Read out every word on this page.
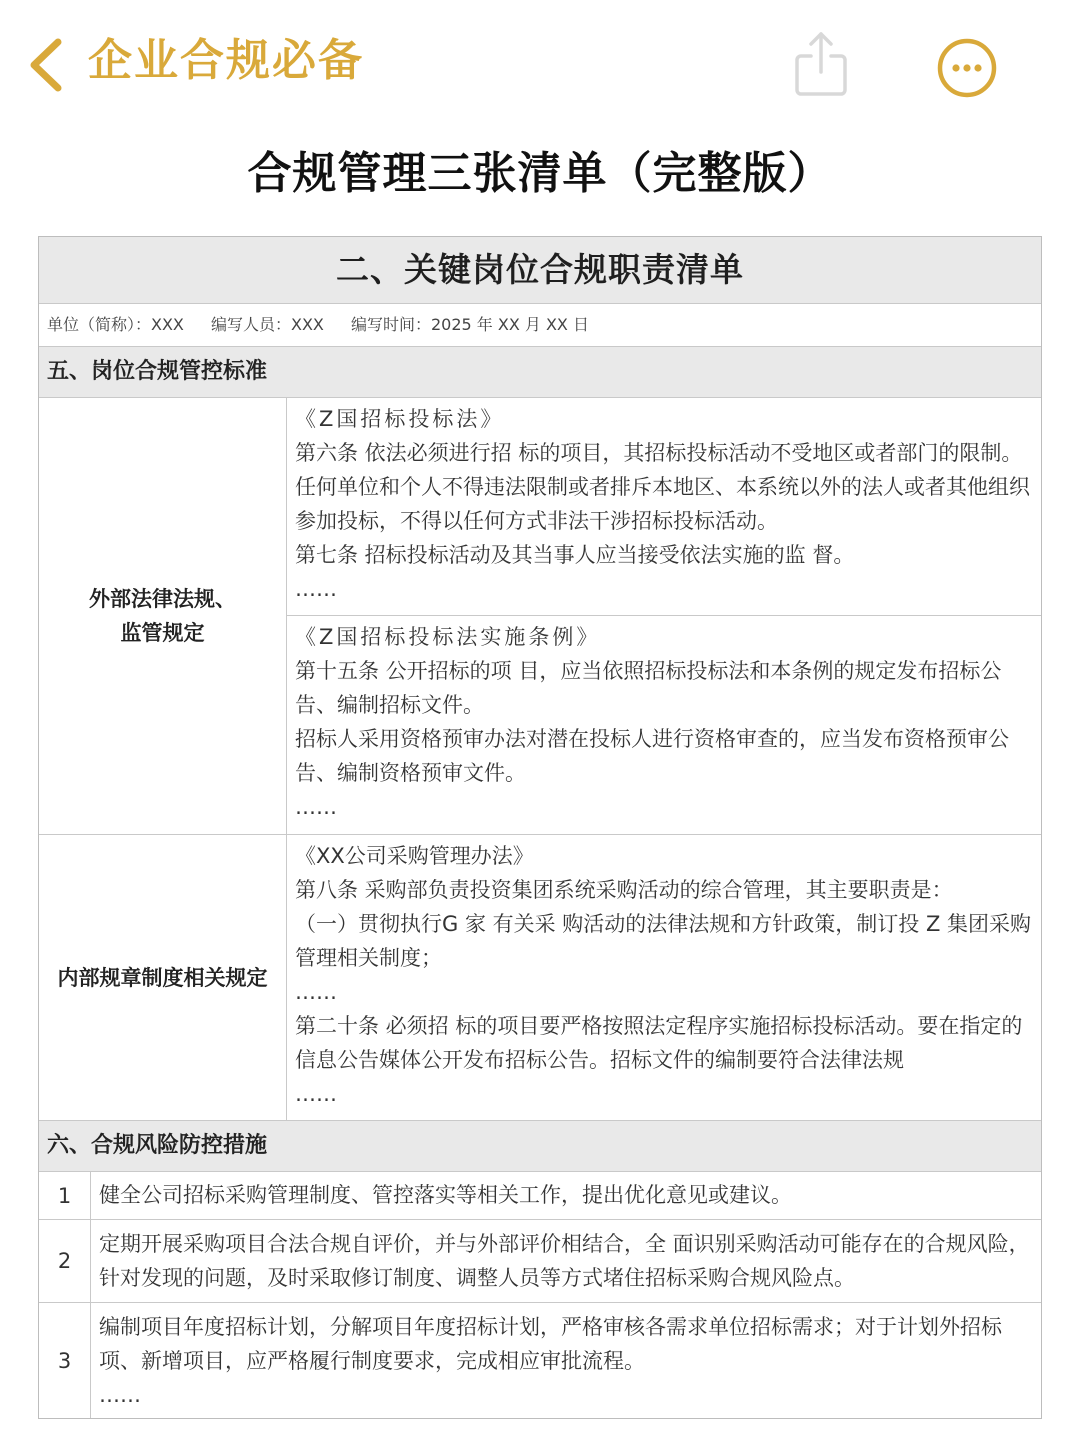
企业合规必备
合规管理三张清单（完整版）
二、关键岗位合规职责清单
单位（简称）：XXX 编写人员：XXX 编写时间：2025 年 XX 月 XX 日
五、岗位合规管控标准
外部法律法规、
监管规定

《Z国招标投标法》

第六条 依法必须进行招 标的项目，其招标投标活动不受地区或者部门的限制。任何单位和个人不得违法限制或者排斥本地区、本系统以外的法人或者其他组织参加投标，不得以任何方式非法干涉招标投标活动。

第七条 招标投标活动及其当事人应当接受依法实施的监 督。

……

《Z国招标投标法实施条例》

第十五条 公开招标的项 目，应当依照招标投标法和本条例的规定发布招标公告、编制招标文件。

招标人采用资格预审办法对潜在投标人进行资格审查的，应当发布资格预审公告、编制资格预审文件。

……

内部规章制度相关规定

《XX公司采购管理办法》

第八条 采购部负责投资集团系统采购活动的综合管理，其主要职责是：

（一）贯彻执行G 家 有关采 购活动的法律法规和方针政策，制订投 Z 集团采购管理相关制度；

……

第二十条 必须招 标的项目要严格按照法定程序实施招标投标活动。要在指定的信息公告媒体公开发布招标公告。招标文件的编制要符合法律法规

……

六、合规风险防控措施
1	健全公司招标采购管理制度、管控落实等相关工作，提出优化意见或建议。

2

定期开展采购项目合法合规自评价，并与外部评价相结合，全 面识别采购活动可能存在的合规风险，针对发现的问题，及时采取修订制度、调整人员等方式堵住招标采购合规风险点。

3

编制项目年度招标计划，分解项目年度招标计划，严格审核各需求单位招标需求；对于计划外招标项、新增项目，应严格履行制度要求，完成相应审批流程。

……
